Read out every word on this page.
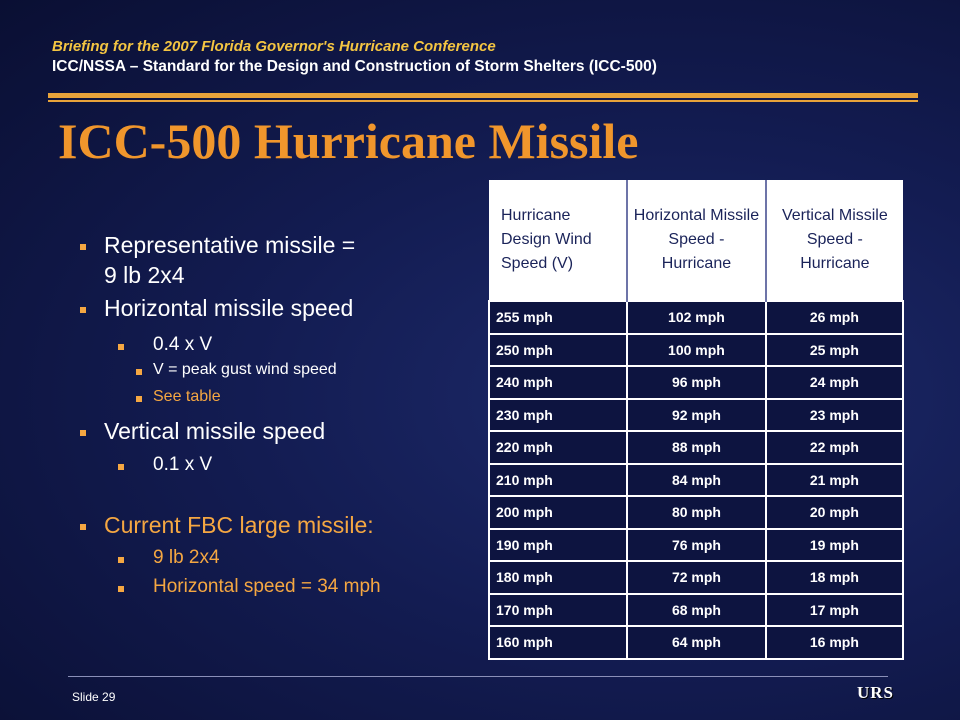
Briefing for the 2007 Florida Governor's Hurricane Conference
ICC/NSSA – Standard for the Design and Construction of Storm Shelters (ICC-500)
ICC-500 Hurricane Missile
Representative missile =
9 lb 2x4
Horizontal missile speed
0.4 x V
V = peak gust wind speed
See table
Vertical missile speed
0.1 x V
Current FBC large missile:
9 lb 2x4
Horizontal speed = 34 mph
Hurricane Design Wind Speed (V)	Horizontal Missile Speed - Hurricane	Vertical Missile Speed - Hurricane
255 mph	102 mph	26 mph
250 mph	100 mph	25 mph
240 mph	96 mph	24 mph
230 mph	92 mph	23 mph
220 mph	88 mph	22 mph
210 mph	84 mph	21 mph
200 mph	80 mph	20 mph
190 mph	76 mph	19 mph
180 mph	72 mph	18 mph
170 mph	68 mph	17 mph
160 mph	64 mph	16 mph
Slide 29	URS
